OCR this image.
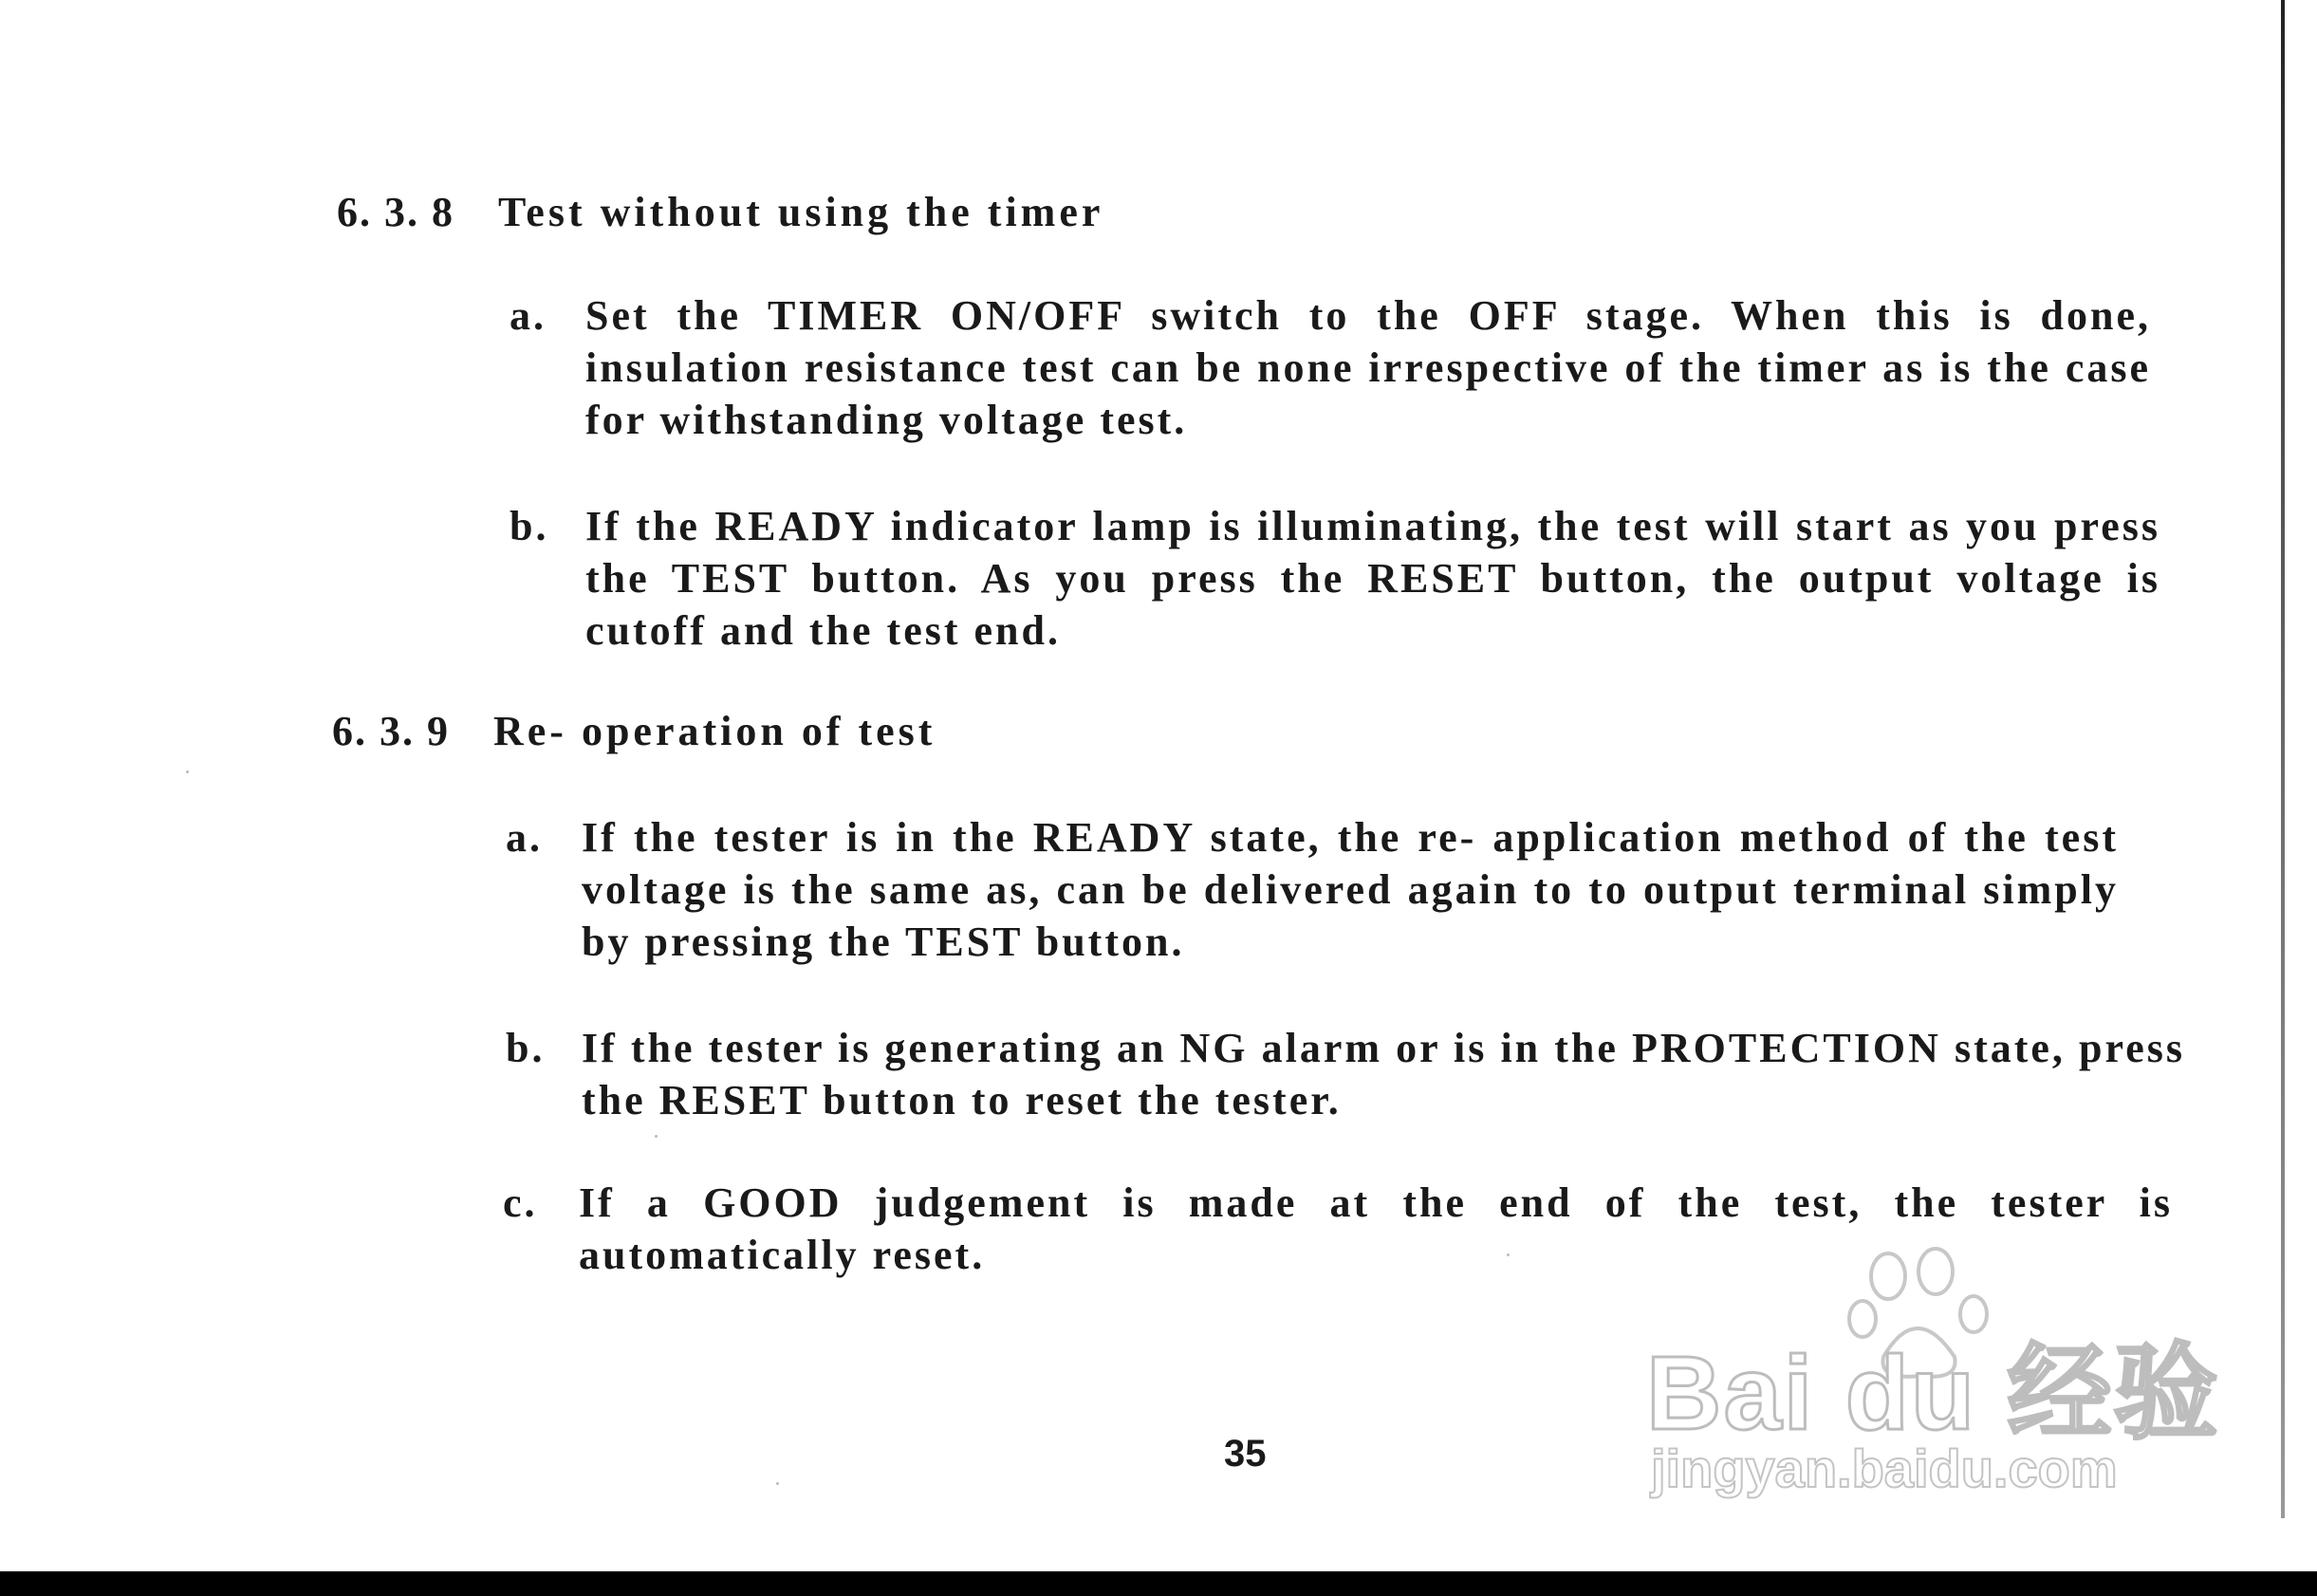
6. 3. 8 Test without using the timer
a. Set the TIMER ON/OFF switch to the OFF stage. When this is done, insulation resistance test can be none irrespective of the timer as is the case for withstanding voltage test.
b. If the READY indicator lamp is illuminating, the test will start as you press the TEST button. As you press the RESET button, the output voltage is cutoff and the test end.
6. 3. 9 Re- operation of test
a. If the tester is in the READY state, the re- application method of the test voltage is the same as, can be delivered again to to output terminal simply by pressing the TEST button.
b. If the tester is generating an NG alarm or is in the PROTECTION state, press the RESET button to reset the tester.
c. If a GOOD judgement is made at the end of the test, the tester is automatically reset.
35
Bai du 经验
jingyan.baidu.com
